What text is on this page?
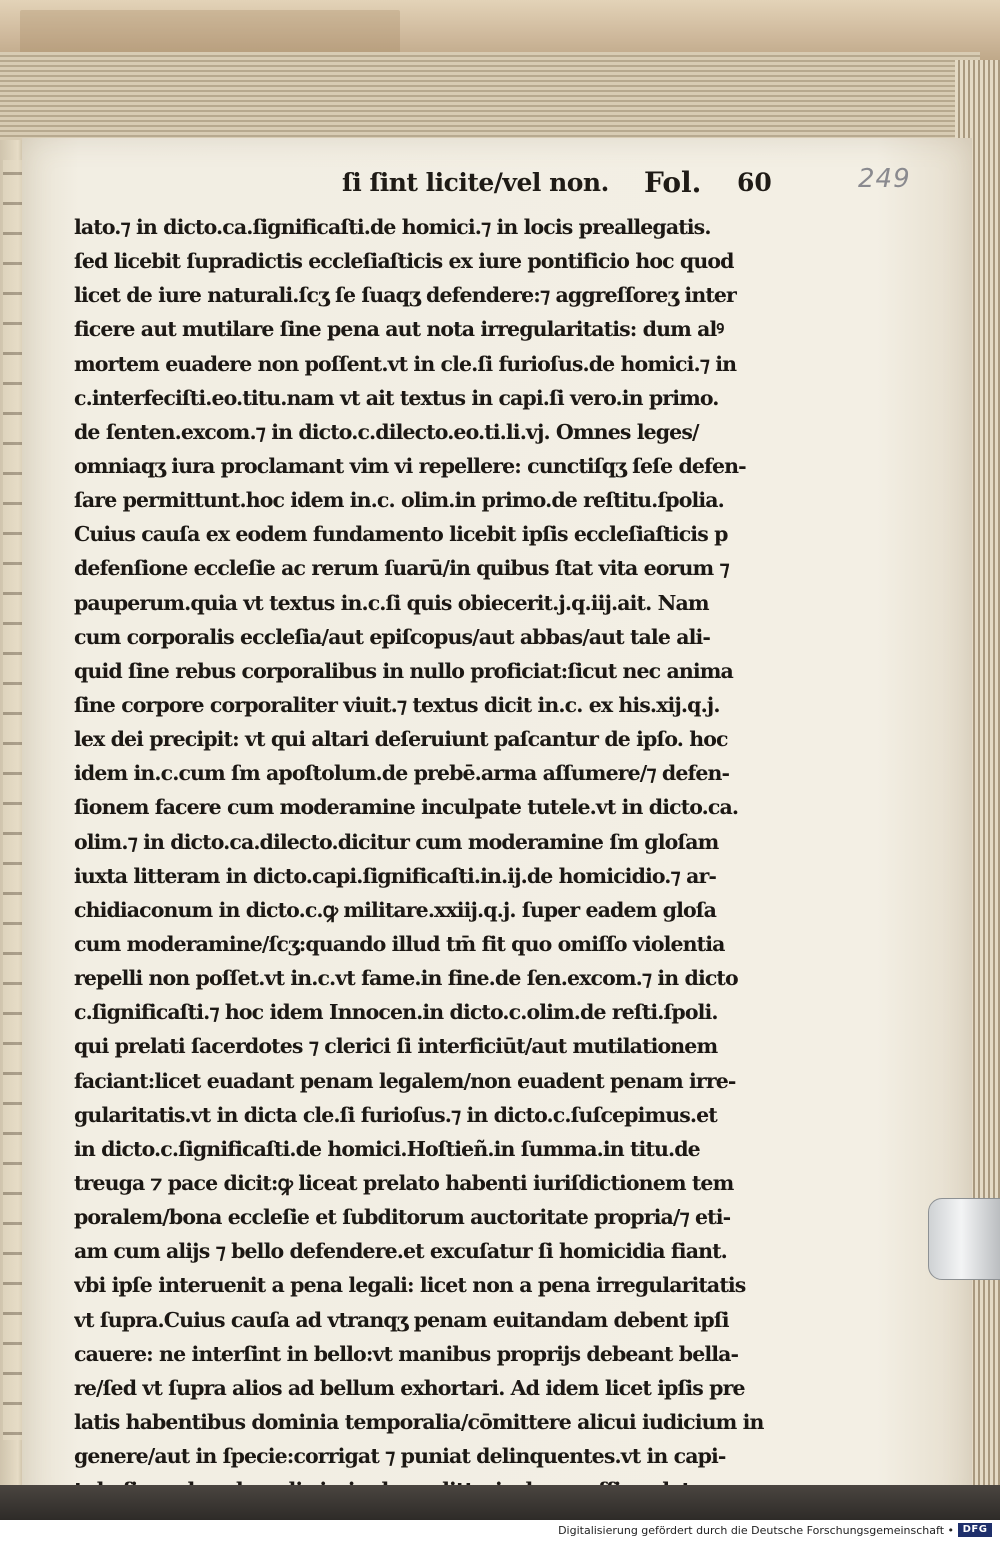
ſi ſint licite/vel non. Fol. 60	249
lato.⁊ in dicto.ca.ſignificaſti.de homici.⁊ in locis preallegatis.
ſed licebit ſupradictis eccleſiaſticis ex iure pontificio hoc quod
licet de iure naturali.ſcʒ ſe ſuaqʒ defendere:⁊ aggreſſoreʒ inter
ficere aut mutilare ſine pena aut nota irregularitatis: dum alꝰ
mortem euadere non poſſent.vt in cle.ſi furioſus.de homici.⁊ in
c.interfeciſti.eo.titu.nam vt ait textus in capi.ſi vero.in primo.
de ſenten.excom.⁊ in dicto.c.dilecto.eo.ti.li.vj. Omnes leges/
omniaqʒ iura proclamant vim vi repellere: cunctiſqʒ ſeſe defen-
ſare permittunt.hoc idem in.c. olim.in primo.de reſtitu.ſpolia.
Cuius cauſa ex eodem fundamento licebit ipſis eccleſiaſticis p
defenſione eccleſie ac rerum ſuarū/in quibus ſtat vita eorum ⁊
pauperum.quia vt textus in.c.ſi quis obiecerit.j.q.iij.ait. Nam
cum corporalis eccleſia/aut epiſcopus/aut abbas/aut tale ali-
quid ſine rebus corporalibus in nullo proficiat:ſicut nec anima
ſine corpore corporaliter viuit.⁊ textus dicit in.c. ex his.xij.q.j.
lex dei precipit: vt qui altari deſeruiunt paſcantur de ipſo. hoc
idem in.c.cum ſm apoſtolum.de prebē.arma aſſumere/⁊ defen-
ſionem facere cum moderamine inculpate tutele.vt in dicto.ca.
olim.⁊ in dicto.ca.dilecto.dicitur cum moderamine ſm gloſam
iuxta litteram in dicto.capi.ſignificaſti.in.ij.de homicidio.⁊ ar-
chidiaconum in dicto.c.ꝙ militare.xxiij.q.j. ſuper eadem gloſa
cum moderamine/ſcʒ:quando illud tm̄ fit quo omiſſo violentia
repelli non poſſet.vt in.c.vt fame.in fine.de ſen.excom.⁊ in dicto
c.ſignificaſti.⁊ hoc idem Innocen.in dicto.c.olim.de reſti.ſpoli.
qui prelati ſacerdotes ⁊ clerici ſi interficiūt/aut mutilationem
faciant:licet euadant penam legalem/non euadent penam irre-
gularitatis.vt in dicta cle.ſi furioſus.⁊ in dicto.c.ſuſcepimus.et
in dicto.c.ſignificaſti.de homici.Hoſtieñ.in ſumma.in titu.de
treuga ⁊ pace dicit:ꝙ liceat prelato habenti iuriſdictionem tem
poralem/bona eccleſie et ſubditorum auctoritate propria/⁊ eti-
am cum alijs ⁊ bello defendere.et excuſatur ſi homicidia fiant.
vbi ipſe interuenit a pena legali: licet non a pena irregularitatis
vt ſupra.Cuius cauſa ad vtranqʒ penam euitandam debent ipſi
cauere: ne interſint in bello:vt manibus proprijs debeant bella-
re/ſed vt ſupra alios ad bellum exhortari. Ad idem licet ipſis pre
latis habentibus dominia temporalia/cōmittere alicui iudicium in
genere/aut in ſpecie:corrigat ⁊ puniat delinquentes.vt in capi-
Digitalisierung gefördert durch die Deutsche Forschungsgemeinschaft • DFG
